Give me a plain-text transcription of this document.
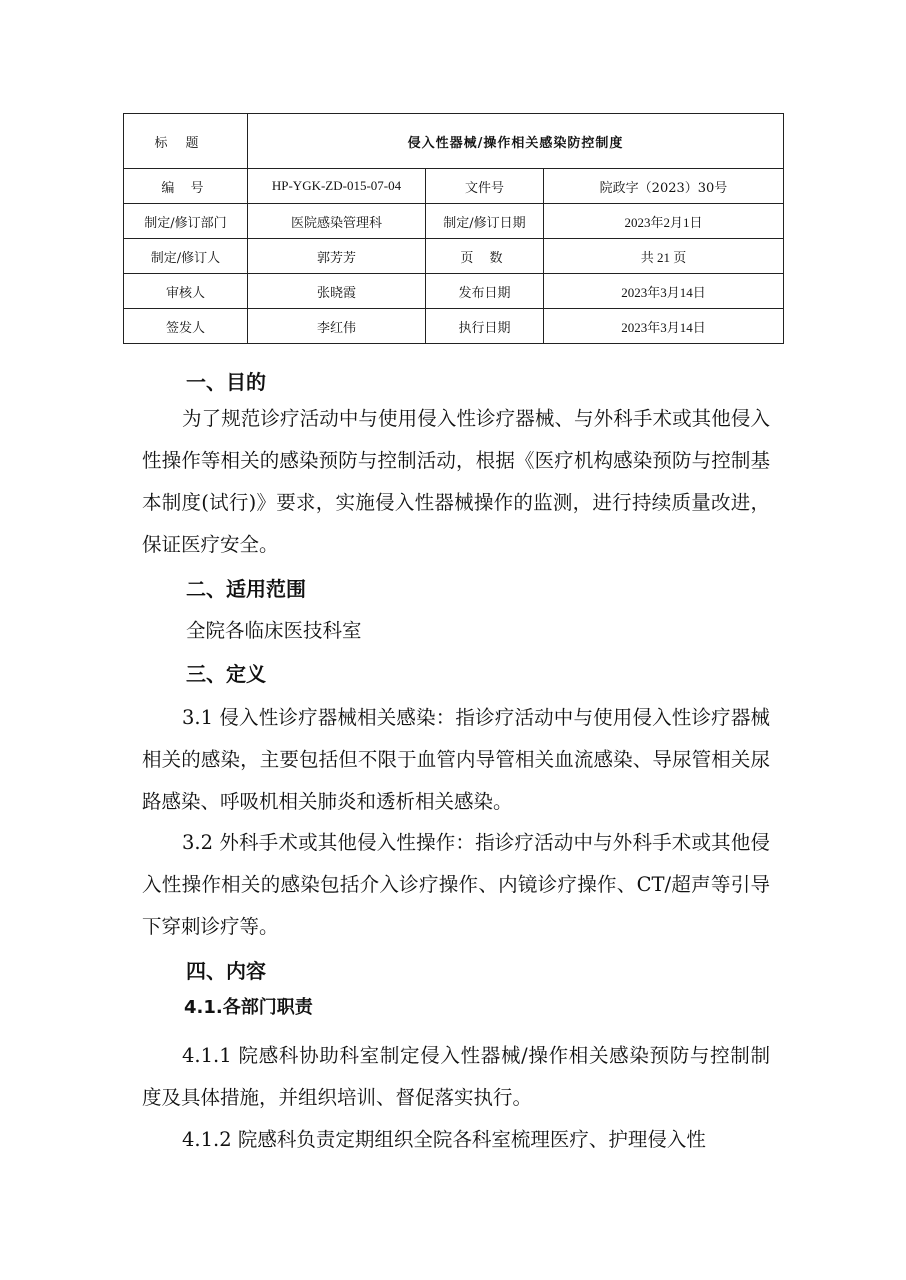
标题	侵入性器械/操作相关感染防控制度		
编 号	HP-YGK-ZD-015-07-04	文件号	院政字（2023）30号
制定/修订部门	医院感染管理科	制定/修订日期	2023年2月1日
制定/修订人	郭芳芳	页 数	共 21 页
审核人	张晓霞	发布日期	2023年3月14日
签发人	李红伟	执行日期	2023年3月14日
一、目的
为了规范诊疗活动中与使用侵入性诊疗器械、与外科手术或其他侵入性操作等相关的感染预防与控制活动，根据《医疗机构感染预防与控制基本制度(试行)》要求，实施侵入性器械操作的监测，进行持续质量改进，保证医疗安全。
二、适用范围
全院各临床医技科室
三、定义
3.1 侵入性诊疗器械相关感染：指诊疗活动中与使用侵入性诊疗器械相关的感染，主要包括但不限于血管内导管相关血流感染、导尿管相关尿路感染、呼吸机相关肺炎和透析相关感染。
3.2 外科手术或其他侵入性操作：指诊疗活动中与外科手术或其他侵入性操作相关的感染包括介入诊疗操作、内镜诊疗操作、CT/超声等引导下穿刺诊疗等。
四、内容
4.1.各部门职责
4.1.1 院感科协助科室制定侵入性器械/操作相关感染预防与控制制度及具体措施，并组织培训、督促落实执行。
4.1.2 院感科负责定期组织全院各科室梳理医疗、护理侵入性
